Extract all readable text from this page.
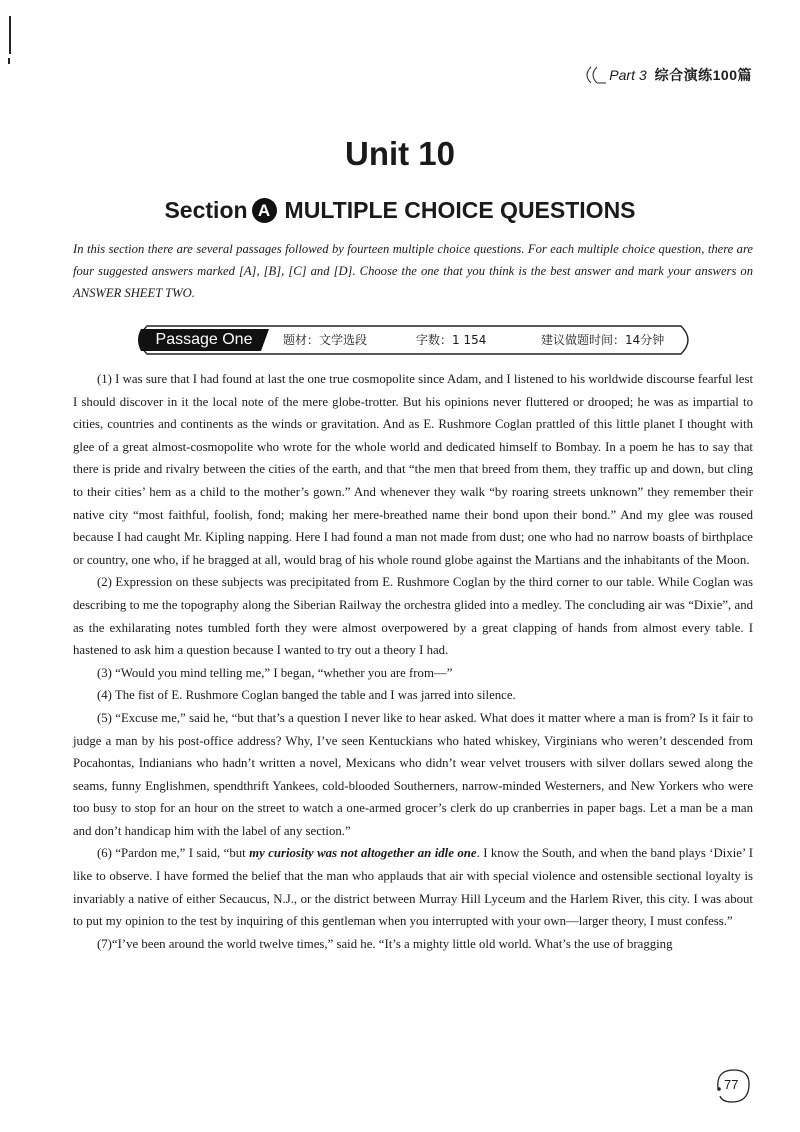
Part 3 综合演练100篇
Unit 10
Section A MULTIPLE CHOICE QUESTIONS

In this section there are several passages followed by fourteen multiple choice questions. For each multiple choice question, there are four suggested answers marked [A], [B], [C] and [D]. Choose the one that you think is the best answer and mark your answers on ANSWER SHEET TWO.

Passage One	题材：文学选段	字数：1 154	建议做题时间：14分钟

(1) I was sure that I had found at last the one true cosmopolite since Adam, and I listened to his worldwide discourse fearful lest I should discover in it the local note of the mere globe-trotter. But his opinions never fluttered or drooped; he was as impartial to cities, countries and continents as the winds or gravitation. And as E. Rushmore Coglan prattled of this little planet I thought with glee of a great almost-cosmopolite who wrote for the whole world and dedicated himself to Bombay. In a poem he has to say that there is pride and rivalry between the cities of the earth, and that “the men that breed from them, they traffic up and down, but cling to their cities’ hem as a child to the mother’s gown.” And whenever they walk “by roaring streets unknown” they remember their native city “most faithful, foolish, fond; making her mere-breathed name their bond upon their bond.” And my glee was roused because I had caught Mr. Kipling napping. Here I had found a man not made from dust; one who had no narrow boasts of birthplace or country, one who, if he bragged at all, would brag of his whole round globe against the Martians and the inhabitants of the Moon.

(2) Expression on these subjects was precipitated from E. Rushmore Coglan by the third corner to our table. While Coglan was describing to me the topography along the Siberian Railway the orchestra glided into a medley. The concluding air was “Dixie”, and as the exhilarating notes tumbled forth they were almost overpowered by a great clapping of hands from almost every table. I hastened to ask him a question because I wanted to try out a theory I had.

(3) “Would you mind telling me,” I began, “whether you are from—”

(4) The fist of E. Rushmore Coglan banged the table and I was jarred into silence.

(5) “Excuse me,” said he, “but that’s a question I never like to hear asked. What does it matter where a man is from? Is it fair to judge a man by his post-office address? Why, I’ve seen Kentuckians who hated whiskey, Virginians who weren’t descended from Pocahontas, Indianians who hadn’t written a novel, Mexicans who didn’t wear velvet trousers with silver dollars sewed along the seams, funny Englishmen, spendthrift Yankees, cold-blooded Southerners, narrow-minded Westerners, and New Yorkers who were too busy to stop for an hour on the street to watch a one-armed grocer’s clerk do up cranberries in paper bags. Let a man be a man and don’t handicap him with the label of any section.”

(6) “Pardon me,” I said, “but my curiosity was not altogether an idle one. I know the South, and when the band plays ‘Dixie’ I like to observe. I have formed the belief that the man who applauds that air with special violence and ostensible sectional loyalty is invariably a native of either Secaucus, N.J., or the district between Murray Hill Lyceum and the Harlem River, this city. I was about to put my opinion to the test by inquiring of this gentleman when you interrupted with your own—larger theory, I must confess.”

(7)“I’ve been around the world twelve times,” said he. “It’s a mighty little old world. What’s the use of bragging

77
